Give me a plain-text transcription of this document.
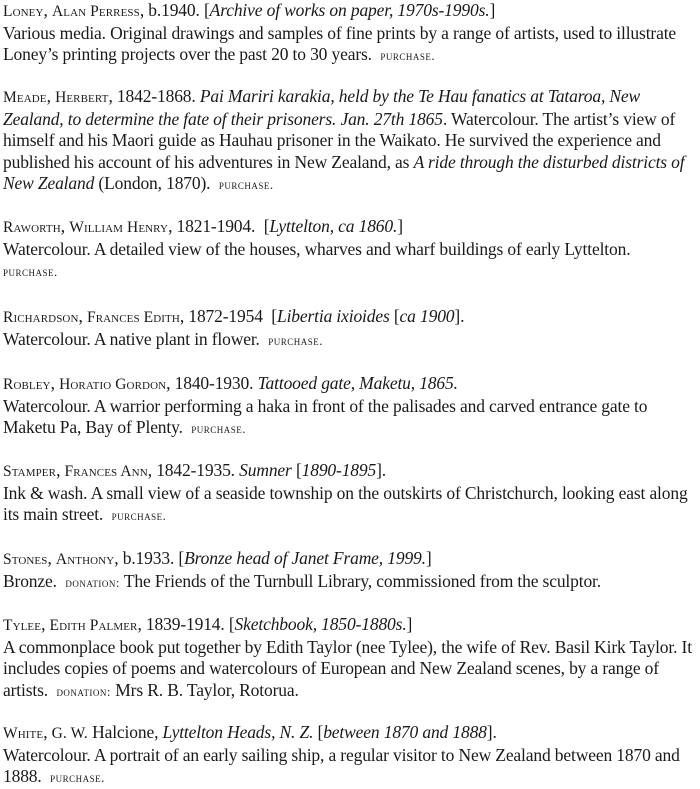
Loney, Alan Perress, b.1940. [Archive of works on paper, 1970s-1990s.]
Various media. Original drawings and samples of fine prints by a range of artists, used to illustrate Loney’s printing projects over the past 20 to 30 years. purchase.
Meade, Herbert, 1842-1868. Pai Mariri karakia, held by the Te Hau fanatics at Tataroa, New Zealand, to determine the fate of their prisoners. Jan. 27th 1865. Watercolour. The artist’s view of himself and his Maori guide as Hauhau prisoner in the Waikato. He survived the experience and published his account of his adventures in New Zealand, as A ride through the disturbed districts of New Zealand (London, 1870). purchase.
Raworth, William Henry, 1821-1904.  [Lyttelton, ca 1860.]
Watercolour. A detailed view of the houses, wharves and wharf buildings of early Lyttelton.
purchase.
Richardson, Frances Edith, 1872-1954  [Libertia ixioides [ca 1900].
Watercolour. A native plant in flower. purchase.
Robley, Horatio Gordon, 1840-1930. Tattooed gate, Maketu, 1865.
Watercolour. A warrior performing a haka in front of the palisades and carved entrance gate to Maketu Pa, Bay of Plenty. purchase.
Stamper, Frances Ann, 1842-1935. Sumner [1890-1895].
Ink & wash. A small view of a seaside township on the outskirts of Christchurch, looking east along its main street. purchase.
Stones, Anthony, b.1933. [Bronze head of Janet Frame, 1999.]
Bronze. donation: The Friends of the Turnbull Library, commissioned from the sculptor.
Tylee, Edith Palmer, 1839-1914. [Sketchbook, 1850-1880s.]
A commonplace book put together by Edith Taylor (nee Tylee), the wife of Rev. Basil Kirk Taylor. It includes copies of poems and watercolours of European and New Zealand scenes, by a range of artists. donation: Mrs R. B. Taylor, Rotorua.
White, G. W. Halcione, Lyttelton Heads, N. Z. [between 1870 and 1888].
Watercolour. A portrait of an early sailing ship, a regular visitor to New Zealand between 1870 and 1888. purchase.
